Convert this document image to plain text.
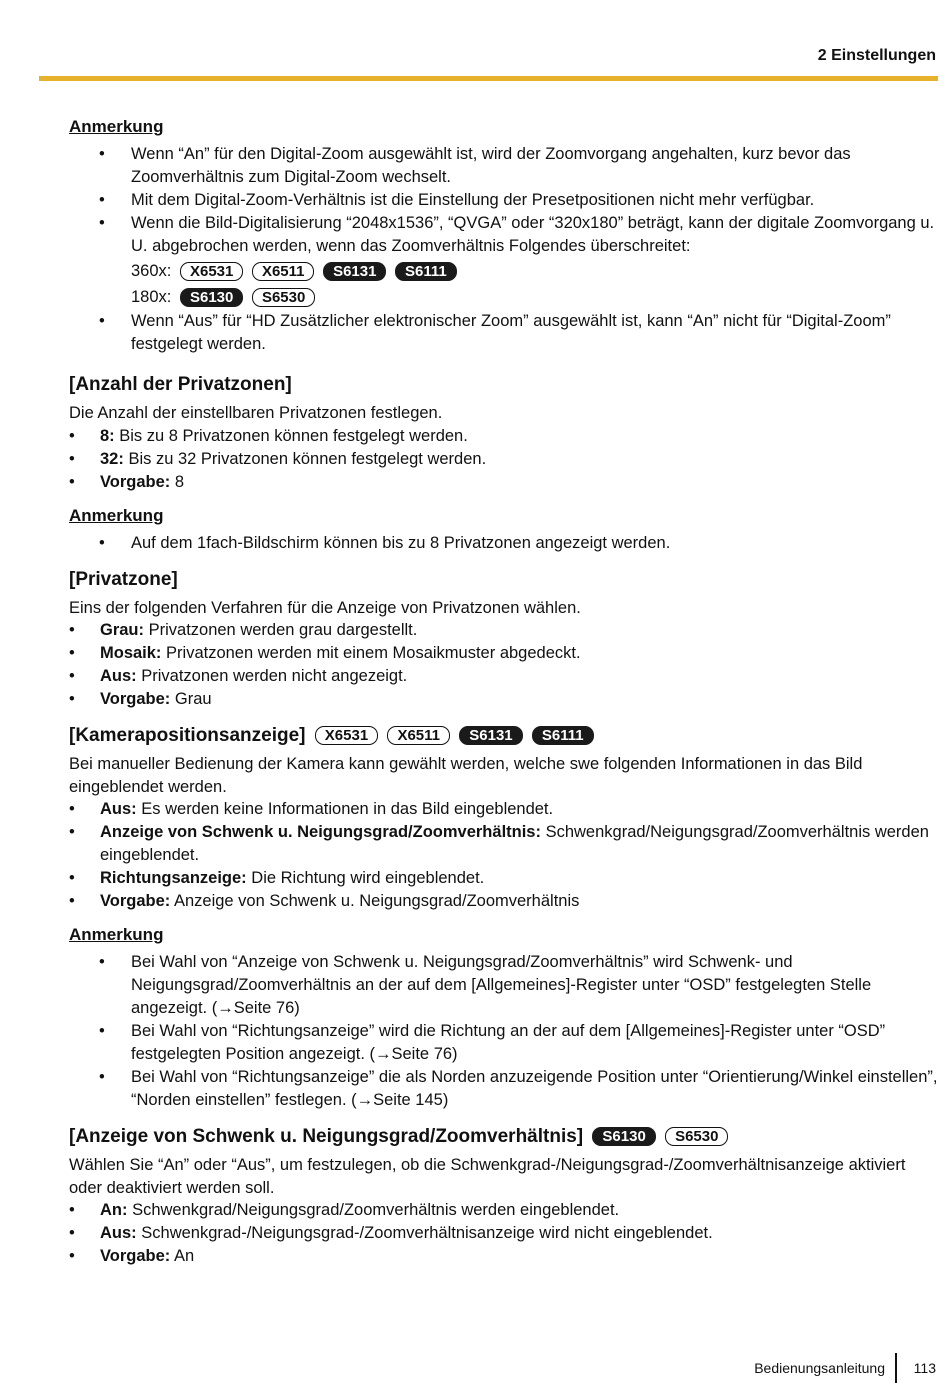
2 Einstellungen
Anmerkung
• Wenn “An” für den Digital-Zoom ausgewählt ist, wird der Zoomvorgang angehalten, kurz bevor das Zoomverhältnis zum Digital-Zoom wechselt.
• Mit dem Digital-Zoom-Verhältnis ist die Einstellung der Presetpositionen nicht mehr verfügbar.
• Wenn die Bild-Digitalisierung “2048x1536”, “QVGA” oder “320x180” beträgt, kann der digitale Zoomvorgang u. U. abgebrochen werden, wenn das Zoomverhältnis Folgendes überschreitet:
360x: X6531 X6511 S6131 S6111
180x: S6130 S6530
• Wenn “Aus” für “HD Zusätzlicher elektronischer Zoom” ausgewählt ist, kann “An” nicht für “Digital-Zoom” festgelegt werden.
[Anzahl der Privatzonen]

Die Anzahl der einstellbaren Privatzonen festlegen.

• 8: Bis zu 8 Privatzonen können festgelegt werden.
• 32: Bis zu 32 Privatzonen können festgelegt werden.
• Vorgabe: 8
Anmerkung
• Auf dem 1fach-Bildschirm können bis zu 8 Privatzonen angezeigt werden.
[Privatzone]

Eins der folgenden Verfahren für die Anzeige von Privatzonen wählen.

• Grau: Privatzonen werden grau dargestellt.
• Mosaik: Privatzonen werden mit einem Mosaikmuster abgedeckt.
• Aus: Privatzonen werden nicht angezeigt.
• Vorgabe: Grau
[Kamerapositionsanzeige] X6531 X6511 S6131 S6111

Bei manueller Bedienung der Kamera kann gewählt werden, welche swe folgenden Informationen in das Bild eingeblendet werden.

• Aus: Es werden keine Informationen in das Bild eingeblendet.
• Anzeige von Schwenk u. Neigungsgrad/Zoomverhältnis: Schwenkgrad/Neigungsgrad/Zoomverhältnis werden eingeblendet.
• Richtungsanzeige: Die Richtung wird eingeblendet.
• Vorgabe: Anzeige von Schwenk u. Neigungsgrad/Zoomverhältnis
Anmerkung
• Bei Wahl von “Anzeige von Schwenk u. Neigungsgrad/Zoomverhältnis” wird Schwenk- und Neigungsgrad/Zoomverhältnis an der auf dem [Allgemeines]-Register unter “OSD” festgelegten Stelle angezeigt. (→Seite 76)
• Bei Wahl von “Richtungsanzeige” wird die Richtung an der auf dem [Allgemeines]-Register unter “OSD” festgelegten Position angezeigt. (→Seite 76)
• Bei Wahl von “Richtungsanzeige” die als Norden anzuzeigende Position unter “Orientierung/Winkel einstellen”, “Norden einstellen” festlegen. (→Seite 145)
[Anzeige von Schwenk u. Neigungsgrad/Zoomverhältnis] S6130 S6530

Wählen Sie “An” oder “Aus”, um festzulegen, ob die Schwenkgrad-/Neigungsgrad-/Zoomverhältnisanzeige aktiviert oder deaktiviert werden soll.

• An: Schwenkgrad/Neigungsgrad/Zoomverhältnis werden eingeblendet.
• Aus: Schwenkgrad-/Neigungsgrad-/Zoomverhältnisanzeige wird nicht eingeblendet.
• Vorgabe: An
Bedienungsanleitung 113
